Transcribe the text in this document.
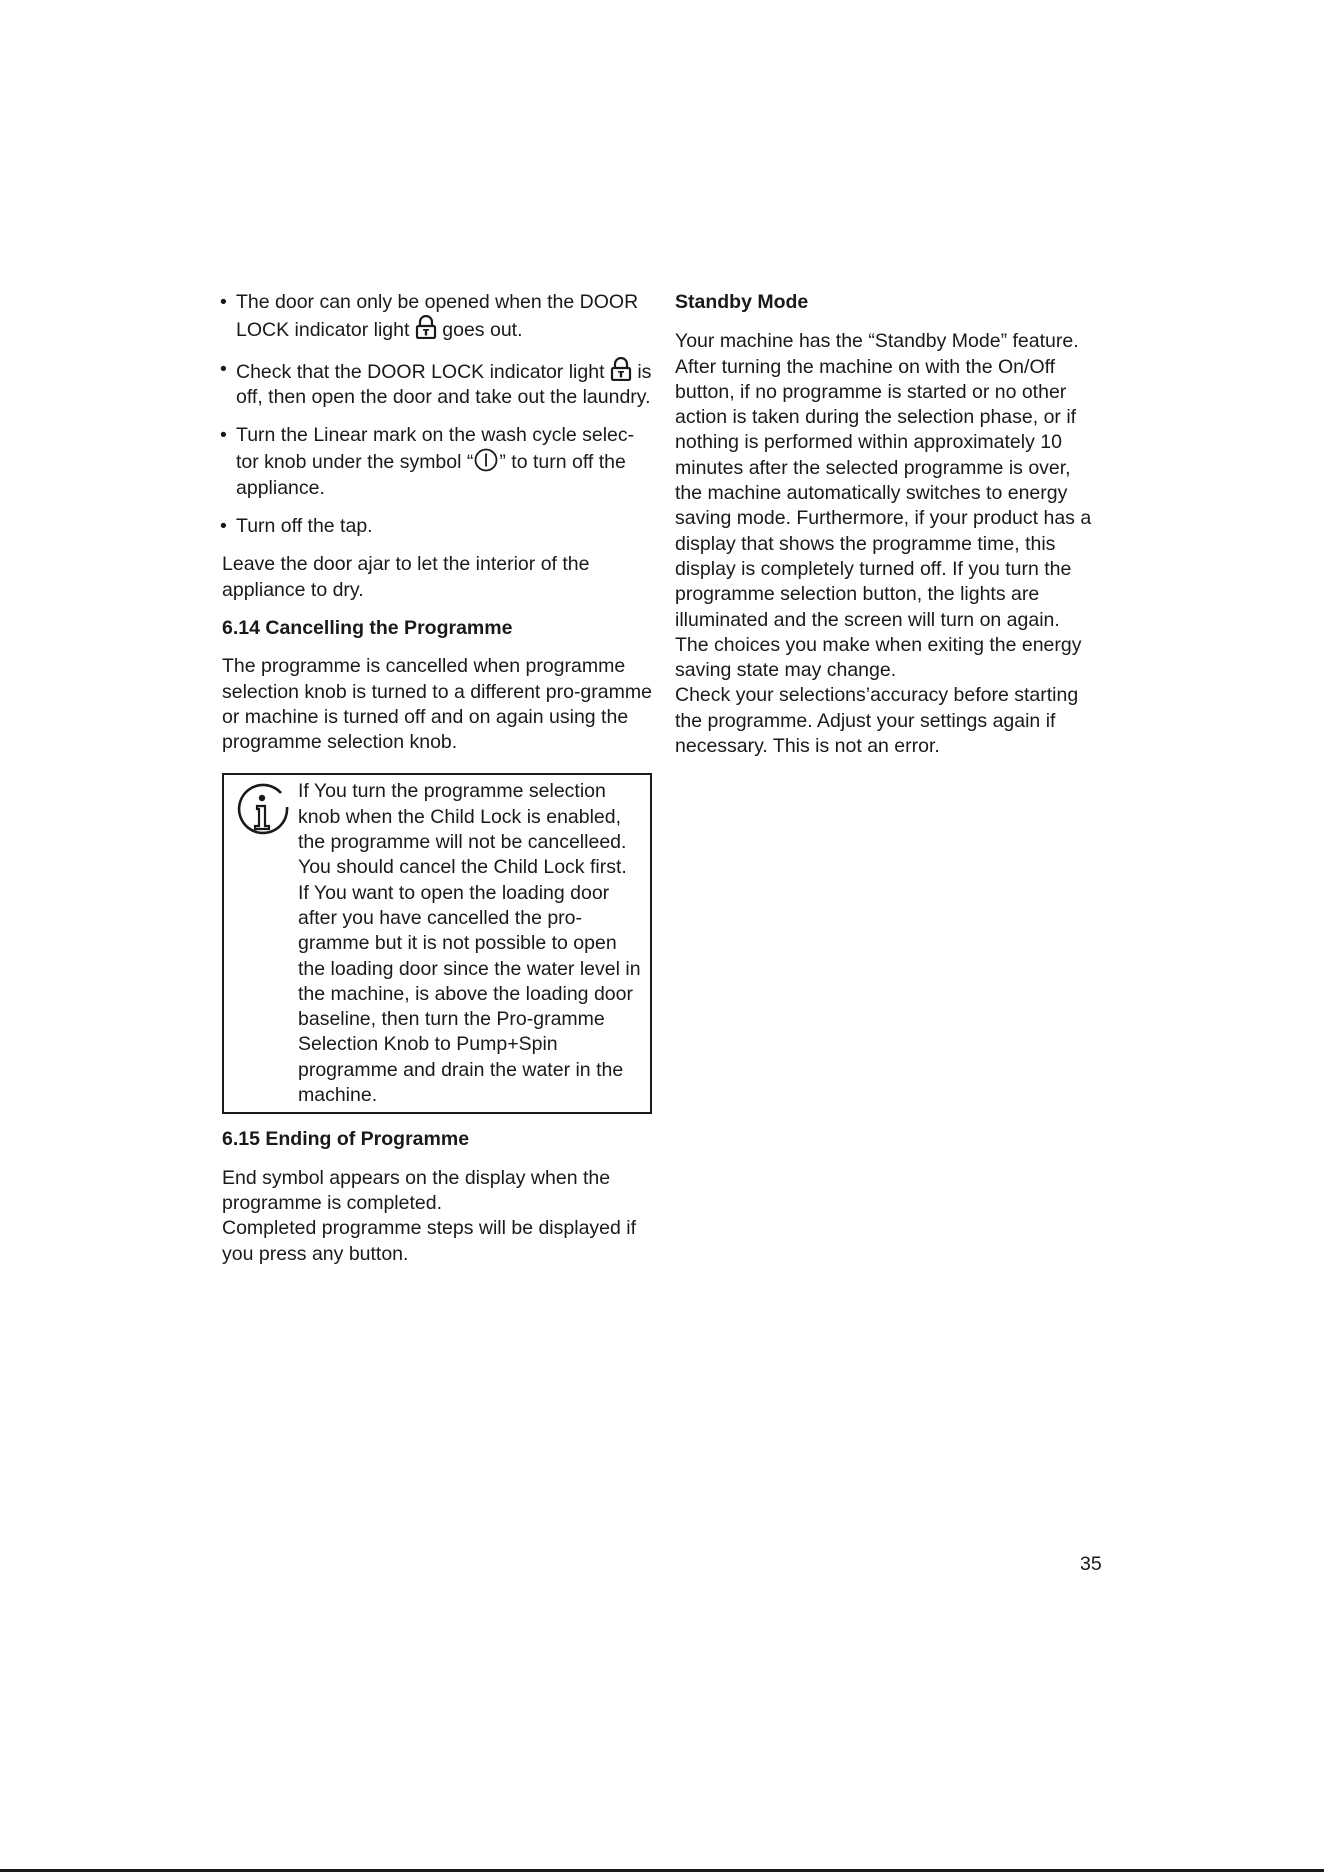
• The door can only be opened when the DOOR LOCK indicator light goes out.
• Check that the DOOR LOCK indicator light is off, then open the door and take out the laundry.
• Turn the Linear mark on the wash cycle selec-tor knob under the symbol “ ” to turn off the appliance.
• Turn off the tap.

Leave the door ajar to let the interior of the appliance to dry.

6.14 Cancelling the Programme

The programme is cancelled when programme selection knob is turned to a different pro-gramme or machine is turned off and on again using the programme selection knob.

If You turn the programme selection knob when the Child Lock is enabled, the programme will not be cancelleed. You should cancel the Child Lock first. If You want to open the loading door after you have cancelled the pro-gramme but it is not possible to open the loading door since the water level in the machine, is above the loading door baseline, then turn the Pro-gramme Selection Knob to Pump+Spin programme and drain the water in the machine.
6.15 Ending of Programme

End symbol appears on the display when the programme is completed.

Completed programme steps will be displayed if you press any button.

Standby Mode

Your machine has the “Standby Mode” feature. After turning the machine on with the On/Off button, if no programme is started or no other action is taken during the selection phase, or if nothing is performed within approximately 10 minutes after the selected programme is over, the machine automatically switches to energy saving mode. Furthermore, if your product has a display that shows the programme time, this display is completely turned off. If you turn the programme selection button, the lights are illuminated and the screen will turn on again. The choices you make when exiting the energy saving state may change.

Check your selections’accuracy before starting the programme. Adjust your settings again if necessary. This is not an error.

35
